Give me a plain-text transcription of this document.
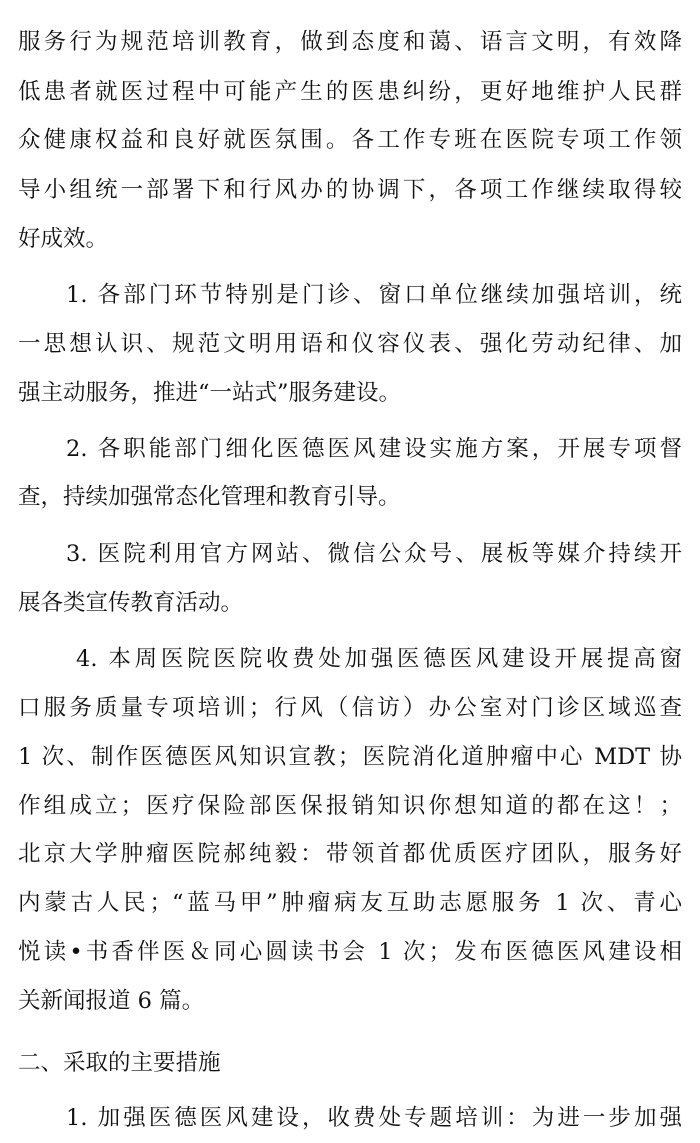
服务行为规范培训教育，做到态度和蔼、语言文明，有效降
低患者就医过程中可能产生的医患纠纷，更好地维护人民群
众健康权益和良好就医氛围。各工作专班在医院专项工作领
导小组统一部署下和行风办的协调下，各项工作继续取得较
好成效。
1. 各部门环节特别是门诊、窗口单位继续加强培训，统
一思想认识、规范文明用语和仪容仪表、强化劳动纪律、加
强主动服务，推进“一站式”服务建设。
2. 各职能部门细化医德医风建设实施方案，开展专项督
查，持续加强常态化管理和教育引导。
3. 医院利用官方网站、微信公众号、展板等媒介持续开
展各类宣传教育活动。
4. 本周医院医院收费处加强医德医风建设开展提高窗
口服务质量专项培训；行风（信访）办公室对门诊区域巡查
1 次、制作医德医风知识宣教；医院消化道肿瘤中心 MDT 协
作组成立；医疗保险部医保报销知识你想知道的都在这！；
北京大学肿瘤医院郝纯毅：带领首都优质医疗团队，服务好
内蒙古人民；“蓝马甲”肿瘤病友互助志愿服务 1 次、青心
悦读•书香伴医＆同心圆读书会 1 次；发布医德医风建设相
关新闻报道 6 篇。
二、采取的主要措施
1. 加强医德医风建设，收费处专题培训：为进一步加强
